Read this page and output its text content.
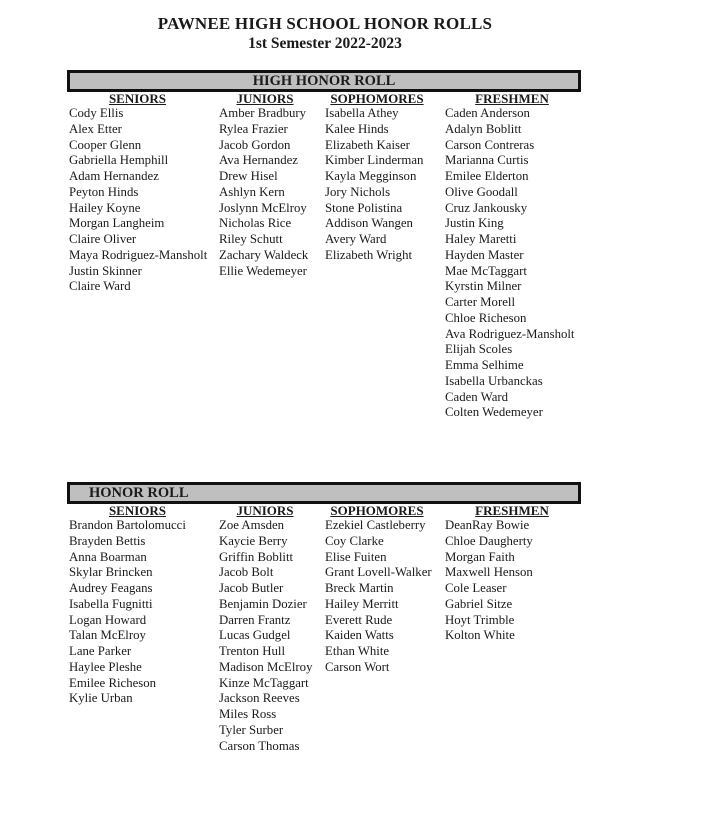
PAWNEE HIGH SCHOOL HONOR ROLLS
1st Semester 2022-2023
HIGH HONOR ROLL
SENIORS
Cody Ellis
Alex Etter
Cooper Glenn
Gabriella Hemphill
Adam Hernandez
Peyton Hinds
Hailey Koyne
Morgan Langheim
Claire Oliver
Maya Rodriguez-Mansholt
Justin Skinner
Claire Ward
JUNIORS
Amber Bradbury
Rylea Frazier
Jacob Gordon
Ava Hernandez
Drew Hisel
Ashlyn Kern
Joslynn McElroy
Nicholas Rice
Riley Schutt
Zachary Waldeck
Ellie Wedemeyer
SOPHOMORES
Isabella Athey
Kalee Hinds
Elizabeth Kaiser
Kimber Linderman
Kayla Megginson
Jory Nichols
Stone Polistina
Addison Wangen
Avery Ward
Elizabeth Wright
FRESHMEN
Caden Anderson
Adalyn Boblitt
Carson Contreras
Marianna Curtis
Emilee Elderton
Olive Goodall
Cruz Jankousky
Justin King
Haley Maretti
Hayden Master
Mae McTaggart
Kyrstin Milner
Carter Morell
Chloe Richeson
Ava Rodriguez-Mansholt
Elijah Scoles
Emma Selhime
Isabella Urbanckas
Caden Ward
Colten Wedemeyer
HONOR ROLL
SENIORS
Brandon Bartolomucci
Brayden Bettis
Anna Boarman
Skylar Brincken
Audrey Feagans
Isabella Fugnitti
Logan Howard
Talan McElroy
Lane Parker
Haylee Pleshe
Emilee Richeson
Kylie Urban
JUNIORS
Zoe Amsden
Kaycie Berry
Griffin Boblitt
Jacob Bolt
Jacob Butler
Benjamin Dozier
Darren Frantz
Lucas Gudgel
Trenton Hull
Madison McElroy
Kinze McTaggart
Jackson Reeves
Miles Ross
Tyler Surber
Carson Thomas
SOPHOMORES
Ezekiel Castleberry
Coy Clarke
Elise Fuiten
Grant Lovell-Walker
Breck Martin
Hailey Merritt
Everett Rude
Kaiden Watts
Ethan White
Carson Wort
FRESHMEN
DeanRay Bowie
Chloe Daugherty
Morgan Faith
Maxwell Henson
Cole Leaser
Gabriel Sitze
Hoyt Trimble
Kolton White
